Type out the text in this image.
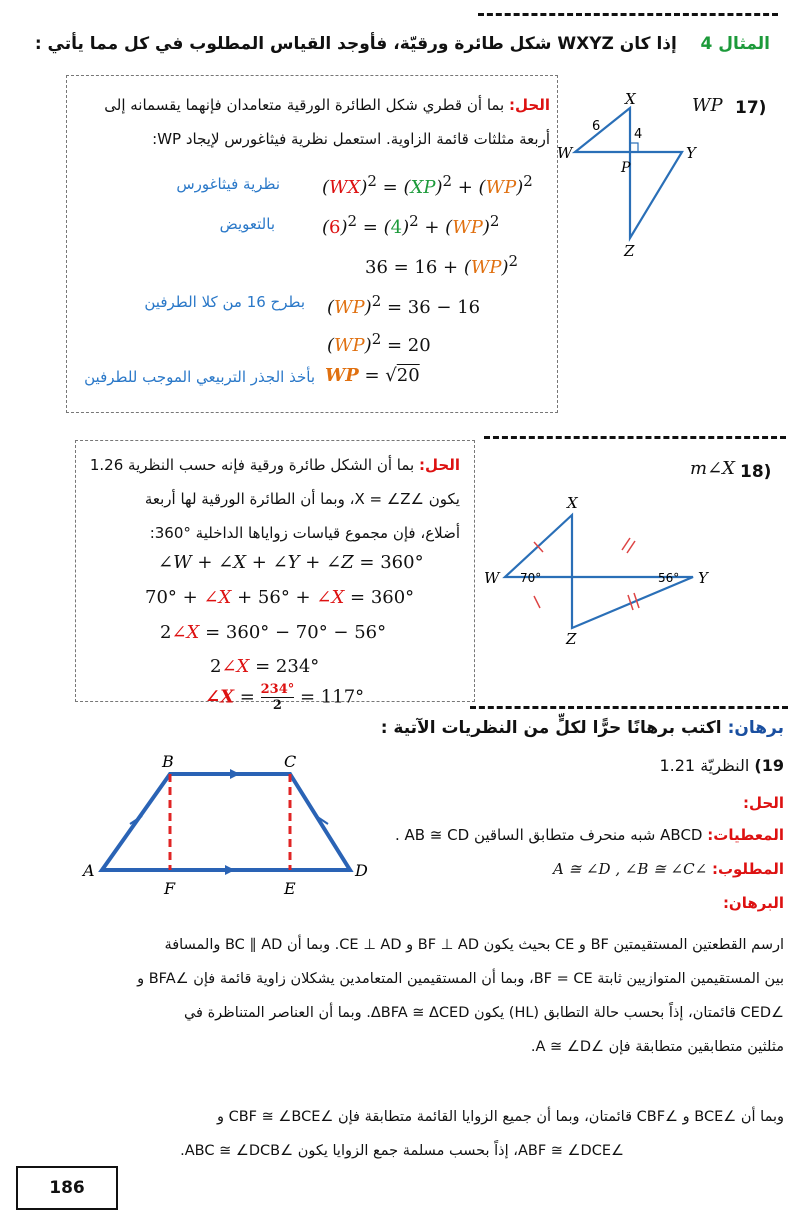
المثال 4    إذا كان WXYZ شكل طائرة ورقيّة، فأوجد القياس المطلوب في كل مما يأتي :
الحل: بما أن قطري شكل الطائرة الورقية متعامدان فإنهما يقسمانه إلى
أربعة مثلثات قائمة الزاوية. استعمل نظرية فيثاغورس لإيجاد WP:
(WX)$^2$ = (XP)$^2$ + (WP)$^2$
$(6)^2 = (4)^2 + (WP)^2$
36 = 16 + (WP)$^2$
(WP)$^2$ = 36 − 16
(WP)$^2$ = 20
WP = √20
نظرية فيثاغورس
بالتعويض
بطرح 16 من كلا الطرفين
بأخذ الجذر التربيعي الموجب للطرفين
17)
WP
X
W	Y
P
Z
6
4
الحل: بما أن الشكل طائرة ورقية فإنه حسب النظرية 1.26
يكون ∠X = ∠Z، وبما أن الطائرة الورقية لها أربعة
أضلاع، فإن مجموع قياسات زواياها الداخلية °360:
∠W + ∠X + ∠Y + ∠Z = 360°
70° + ∠X + 56° + ∠X = 360°
2∠X = 360° − 70° − 56°
2∠X = 234°
∠X = $\frac{234^\circ}{2} = 117^\circ$
18)
m∠X
X
W	Y
Z
70°	56°
برهان: اكتب برهانًا حرًّا لكلٍّ من النظريات الآتية :
19) النظريّة 1.21
الحل:
المعطيات: ABCD شبه منحرف متطابق الساقين AB ≅ CD .
المطلوب: ∠A ≅ ∠D , ∠B ≅ ∠C
البرهان:
B	C
A
F	E
D
ارسم القطعتين المستقيمتين BF و CE بحيث يكون BF ⊥ AD و CE ⊥ AD. وبما أن BC ∥ AD والمسافة
بين المستقيمين المتوازيين ثابتة BF = CE، وبما أن المستقيمين المتعامدين يشكلان زاوية قائمة فإن ∠BFA و
∠CED قائمتان، إذاً بحسب حالة التطابق (HL) يكون ΔBFA ≅ ΔCED. وبما أن العناصر المتناظرة في
مثلثين متطابقين متطابقة فإن ∠A ≅ ∠D.
وبما أن ∠BCE و ∠CBF قائمتان، وبما أن جميع الزوايا القائمة متطابقة فإن ∠CBF ≅ ∠BCE و
∠ABF ≅ ∠DCE، إذاً بحسب مسلمة جمع الزوايا يكون ∠ABC ≅ ∠DCB.
186
